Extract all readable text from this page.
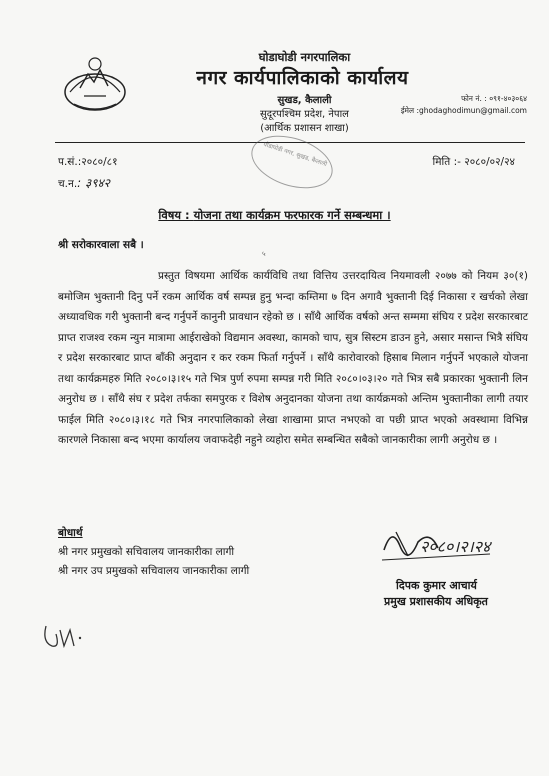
घोडाघोडी नगरपालिका
नगर कार्यपालिकाको कार्यालय
सुखड, कैलाली
सुदूरपश्चिम प्रदेश, नेपाल
(आर्थिक प्रशासन शाखा)
फोन नं. : ०९१-४०३०६४
ईमेल :ghodaghodimun@gmail.com
घोडाघोडी नगर, सुखड, कैलाली
प.सं.:२०८०/८१
च.न.: ३९४२
मिति :- २०८०/०२/२४
विषय : योजना तथा कार्यक्रम फरफारक गर्ने सम्बन्धमा ।
श्री सरोकारवाला सबै ।
५
प्रस्तुत विषयमा आर्थिक कार्यविधि तथा वित्तिय उत्तरदायित्व नियमावली २०७७ को नियम ३०(१) बमोजिम भुक्तानी दिनु पर्ने रकम आर्थिक वर्ष सम्पन्न हुनु भन्दा कम्तिमा ७ दिन अगावै भुक्तानी दिई निकासा र खर्चको लेखा अध्यावधिक गरी भुक्तानी बन्द गर्नुपर्ने कानुनी प्रावधान रहेको छ । साँथै आर्थिक वर्षको अन्त सम्ममा संघिय र प्रदेश सरकारबाट प्राप्त राजश्व रकम न्युन मात्रामा आईराखेको विद्यमान अवस्था, कामको चाप, सुत्र सिस्टम डाउन हुने, असार मसान्त भित्रै संघिय र प्रदेश सरकारबाट प्राप्त बाँकी अनुदान र कर रकम फिर्ता गर्नुपर्ने । साँथै कारोवारको हिसाब मिलान गर्नुपर्ने भएकाले योजना तथा कार्यक्रमहरु मिति २०८०।३।१५ गते भित्र पुर्ण रुपमा सम्पन्न गरी मिति २०८०।०३।२० गते भित्र सबै प्रकारका भुक्तानी लिन अनुरोध छ । साँथै संघ र प्रदेश तर्फका समपुरक र विशेष अनुदानका योजना तथा कार्यक्रमको अन्तिम भुक्तानीका लागी तयार फाईल मिति २०८०।३।१८ गते भित्र नगरपालिकाको लेखा शाखामा प्राप्त नभएको वा पछी प्राप्त भएको अवस्थामा विभिन्न कारणले निकासा बन्द भएमा कार्यालय जवाफदेही नहुने व्यहोरा समेत सम्बन्धित सबैको जानकारीका लागी अनुरोध छ ।
बोधार्थ
श्री नगर प्रमुखको सचिवालय जानकारीका लागी
श्री नगर उप प्रमुखको सचिवालय जानकारीका लागी
२०८०।२।२४
दिपक कुमार आचार्य
प्रमुख प्रशासकीय अधिकृत
ई.अ.
